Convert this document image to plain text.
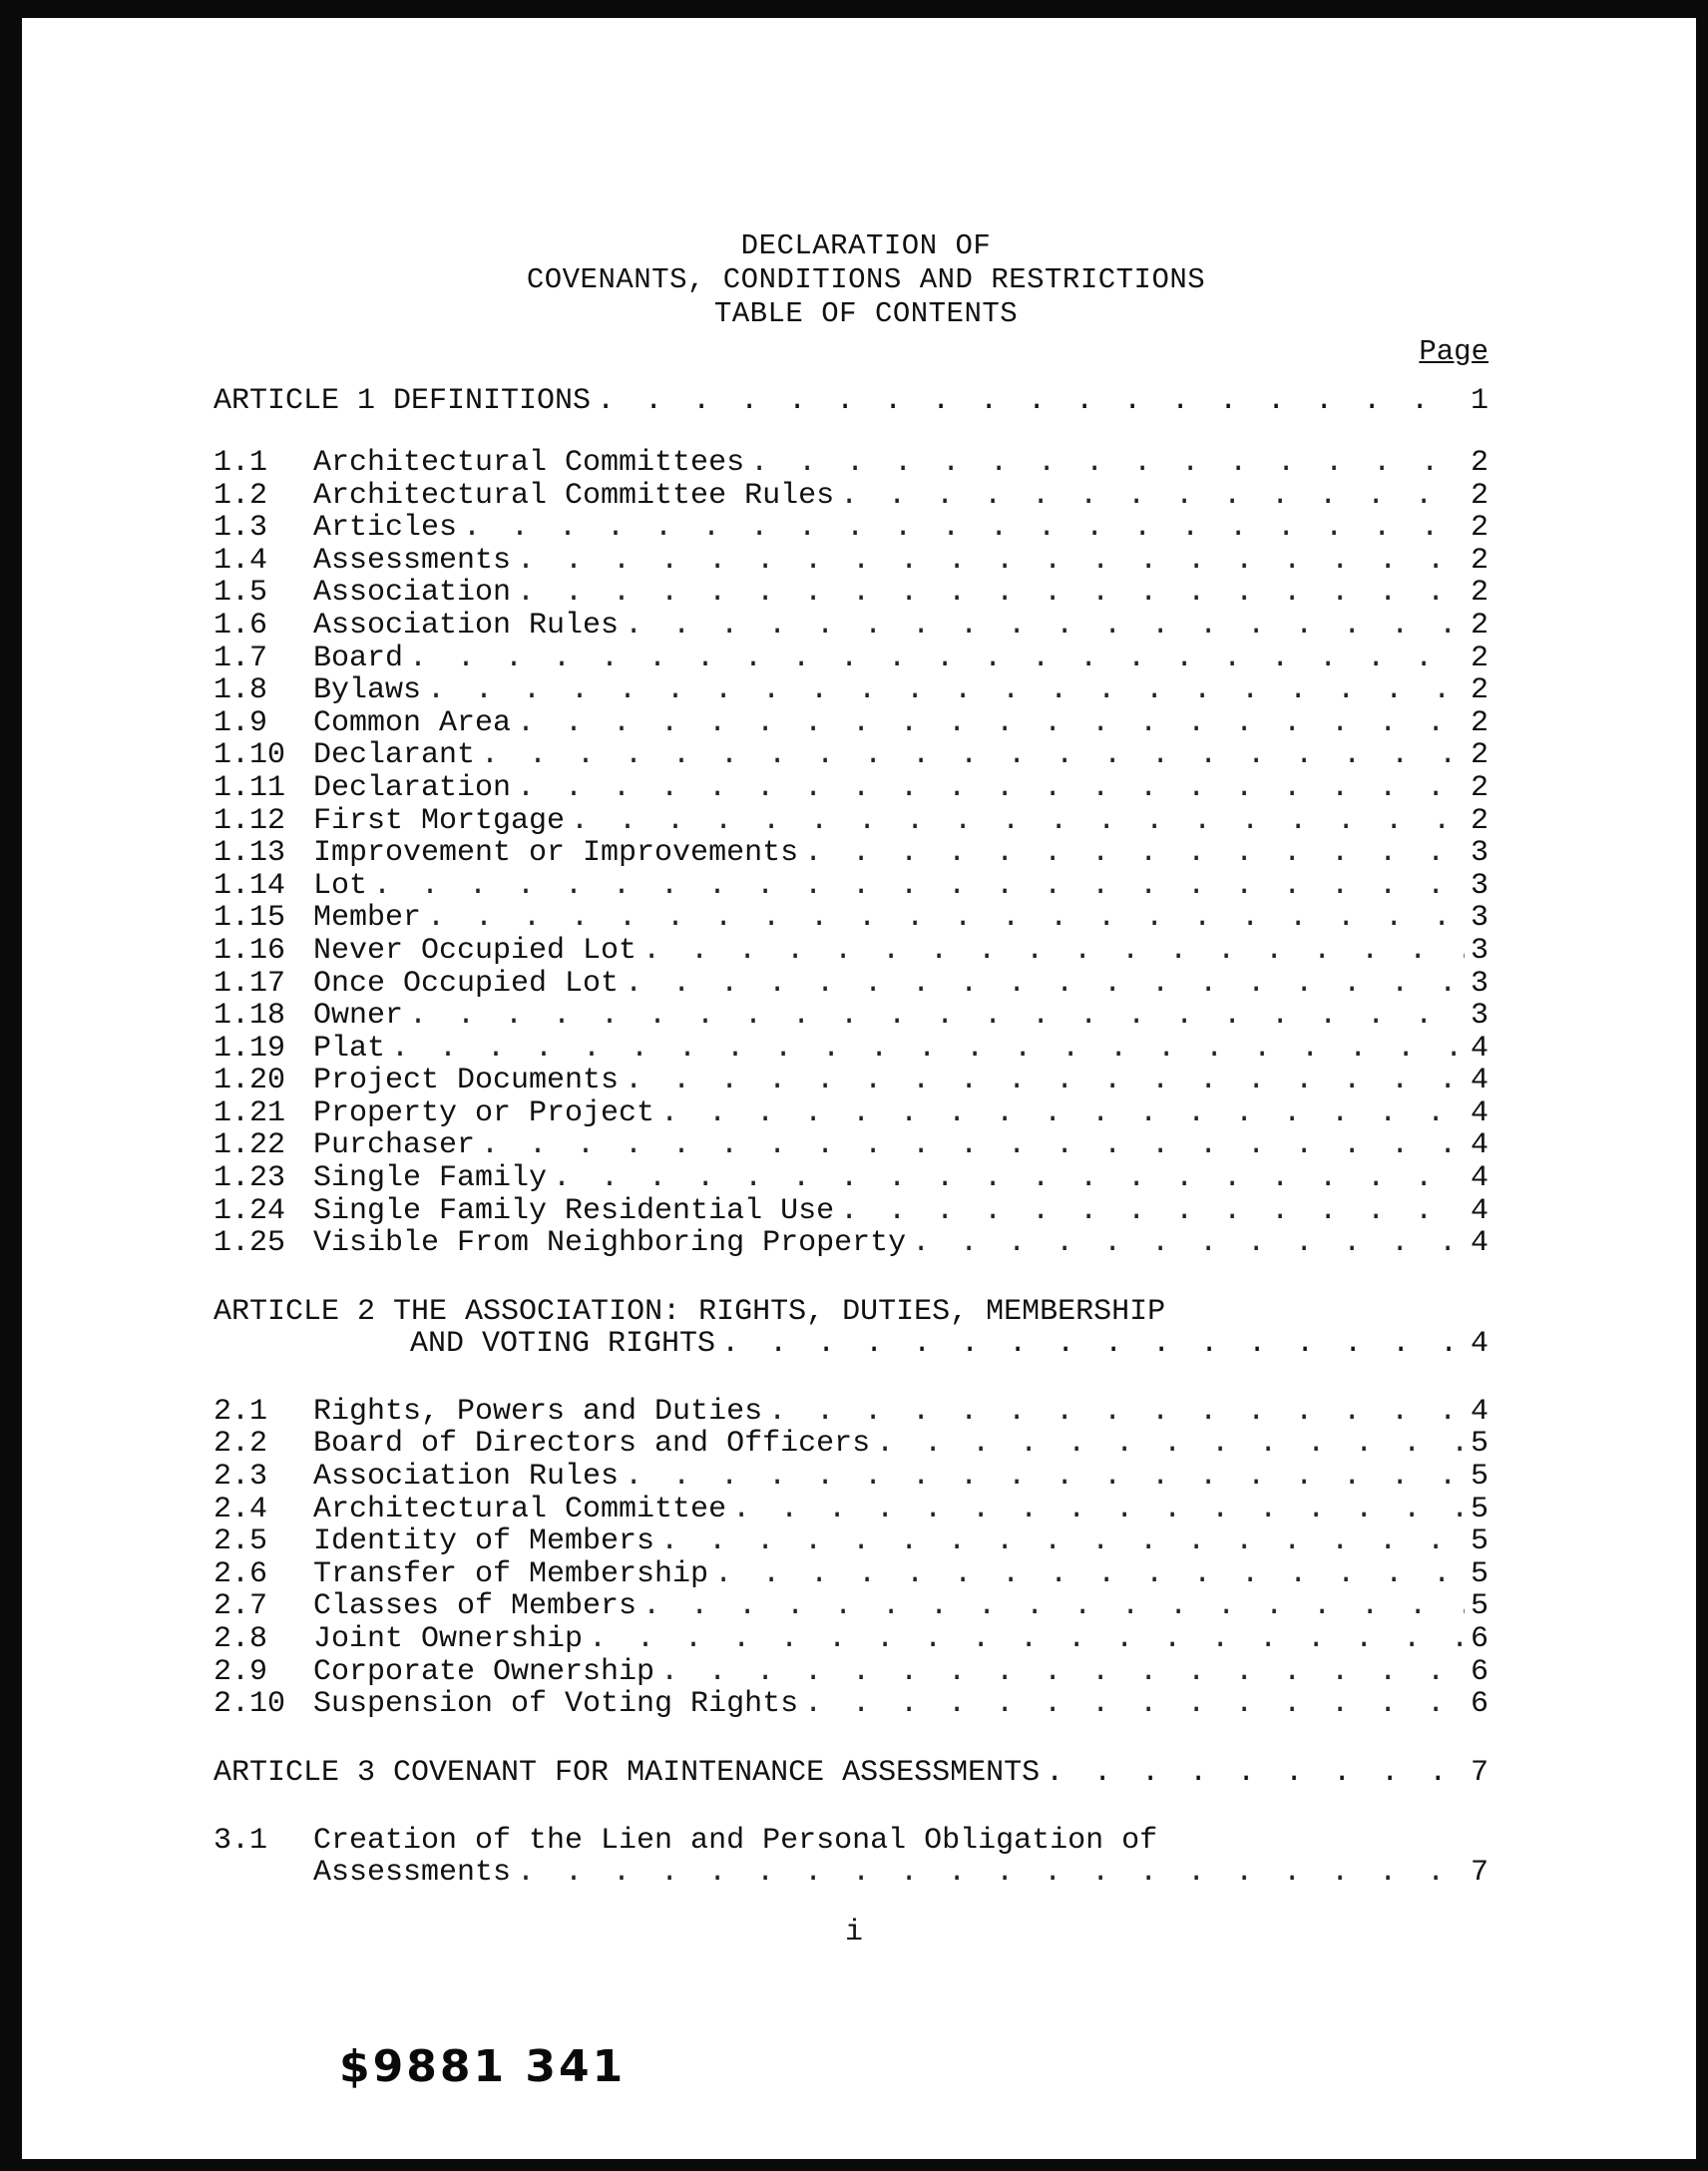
DECLARATION OF
COVENANTS, CONDITIONS AND RESTRICTIONS
TABLE OF CONTENTS
Page
ARTICLE 1 DEFINITIONS . . .	1
1.1	Architectural Committees . . .	2
1.2	Architectural Committee Rules . . .	2
1.3	Articles . . .	2
1.4	Assessments . . .	2
1.5	Association . . .	2
1.6	Association Rules . . .	2
1.7	Board . . .	2
1.8	Bylaws . . .	2
1.9	Common Area . . .	2
1.10 Declarant . . .	2
1.11 Declaration . . .	2
1.12 First Mortgage . . .	2
1.13 Improvement or Improvements . . .	3
1.14 Lot . . .	3
1.15 Member . . .	3
1.16 Never Occupied Lot . . .	3
1.17 Once Occupied Lot . . .	3
1.18 Owner . . .	3
1.19 Plat . . .	4
1.20 Project Documents . . .	4
1.21 Property or Project . . .	4
1.22 Purchaser . . .	4
1.23 Single Family . . .	4
1.24 Single Family Residential Use . . .	4
1.25 Visible From Neighboring Property . . .	4
ARTICLE 2 THE ASSOCIATION: RIGHTS, DUTIES, MEMBERSHIP
AND VOTING RIGHTS . . .	4
2.1	Rights, Powers and Duties . . .	4
2.2	Board of Directors and Officers . . .	5
2.3	Association Rules . . .	5
2.4	Architectural Committee . . .	5
2.5	Identity of Members . . .	5
2.6	Transfer of Membership . . .	5
2.7	Classes of Members . . .	5
2.8	Joint Ownership . . .	6
2.9	Corporate Ownership . . .	6
2.10 Suspension of Voting Rights . . .	6
ARTICLE 3 COVENANT FOR MAINTENANCE ASSESSMENTS . . .	7
3.1	Creation of the Lien and Personal Obligation of
Assessments . . .	7
i
$9881 341
